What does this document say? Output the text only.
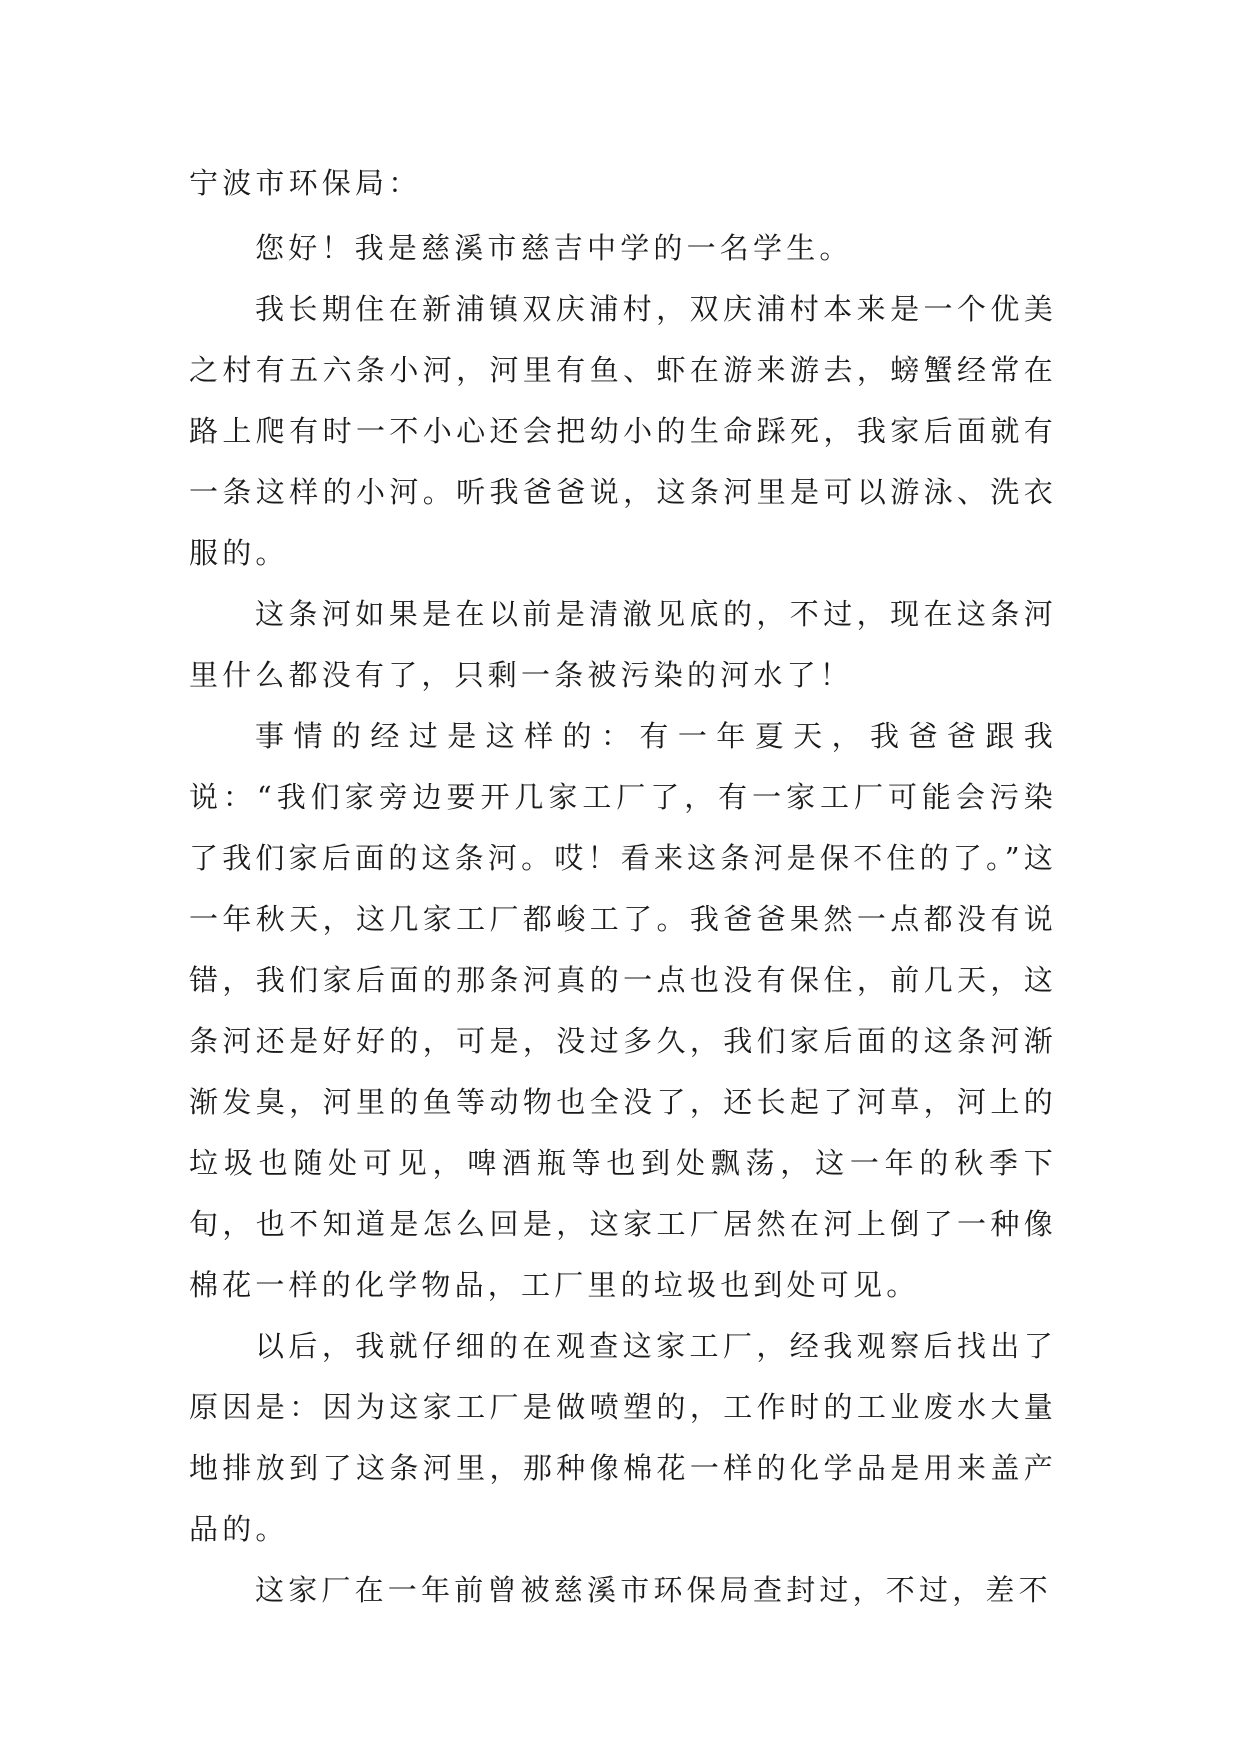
宁波市环保局：

您好！我是慈溪市慈吉中学的一名学生。

我长期住在新浦镇双庆浦村，双庆浦村本来是一个优美之村有五六条小河，河里有鱼、虾在游来游去，螃蟹经常在路上爬有时一不小心还会把幼小的生命踩死，我家后面就有一条这样的小河。听我爸爸说，这条河里是可以游泳、洗衣服的。

这条河如果是在以前是清澈见底的，不过，现在这条河里什么都没有了，只剩一条被污染的河水了！

事情的经过是这样的：有一年夏天，我爸爸跟我说：“我们家旁边要开几家工厂了，有一家工厂可能会污染了我们家后面的这条河。哎！看来这条河是保不住的了。”这一年秋天，这几家工厂都峻工了。我爸爸果然一点都没有说错，我们家后面的那条河真的一点也没有保住，前几天，这条河还是好好的，可是，没过多久，我们家后面的这条河渐渐发臭，河里的鱼等动物也全没了，还长起了河草，河上的垃圾也随处可见，啤酒瓶等也到处飘荡，这一年的秋季下旬，也不知道是怎么回是，这家工厂居然在河上倒了一种像棉花一样的化学物品，工厂里的垃圾也到处可见。

以后，我就仔细的在观查这家工厂，经我观察后找出了原因是：因为这家工厂是做喷塑的，工作时的工业废水大量地排放到了这条河里，那种像棉花一样的化学品是用来盖产品的。

这家厂在一年前曾被慈溪市环保局查封过，不过，差不
